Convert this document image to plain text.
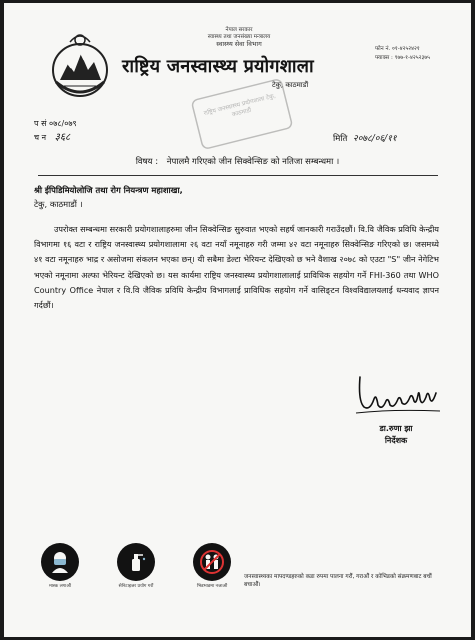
नेपाल सरकार
स्वास्थ्य तथा जनसंख्या मन्त्रालय
स्वास्थ्य सेवा विभाग
राष्ट्रिय जनस्वास्थ्य प्रयोगशाला
टेकु, काठमाडौं
फोन नं. ०१-४२५२४२१
फ्याक्स : ९७७-१-४२५२३७५
राष्ट्रिय जनस्वास्थ्य प्रयोगशाला टेकु, काठमाडौं
प सं ०७८/०७९
च न ३६८	मिति २०७८/०६/११
विषय : नेपालमै गरिएको जीन सिक्वेन्सिङ को नतिजा सम्बन्धमा ।
श्री ईपिडिमियोलोजि तथा रोग नियन्त्रण महाशाखा,
टेकु, काठमाडौं ।
उपरोक्त सम्बन्धमा सरकारी प्रयोगशालाहरुमा जीन सिक्वेन्सिङ सुरुवात भएको सहर्ष जानकारी गराउँदछौं। वि.वि जैविक प्रविधि केन्द्रीय विभागमा १६ वटा र राष्ट्रिय जनस्वास्थ्य प्रयोगशालामा २६ वटा नयाँ नमूनाहरु गरी जम्मा ४२ वटा नमूनाहरु सिक्वेन्सिङ गरिएको छ। जसमध्ये ४१ वटा नमूनाहरु भाद्र र असोजमा संकलन भएका छन्। यी सबैमा डेल्टा भेरियन्ट देखिएको छ भने वैशाख २०७८ को एउटा "S" जीन नेगेटिभ भएको नमूनामा अल्फा भेरियन्ट देखिएको छ। यस कार्यमा राष्ट्रिय जनस्वास्थ्य प्रयोगशालालाई प्राविधिक सहयोग गर्ने FHI-360 तथा WHO Country Office नेपाल र वि.वि जैविक प्रविधि केन्द्रीय विभागलाई प्राविधिक सहयोग गर्ने वासिङ्टन विश्वविद्यालयलाई धन्यवाद ज्ञापन गर्दछौं।
डा.रुणा झा
निर्देशक
मास्क लगाऔं	सेनिटाइजर प्रयोग गरौं	भिडभाडमा नजाऔं
जनस्वास्थ्यका मापदण्डहरुको कडा रुपमा पालना गरौं, गराऔं र कोभिडको संक्रमणबाट बचौं बचाऔं।
